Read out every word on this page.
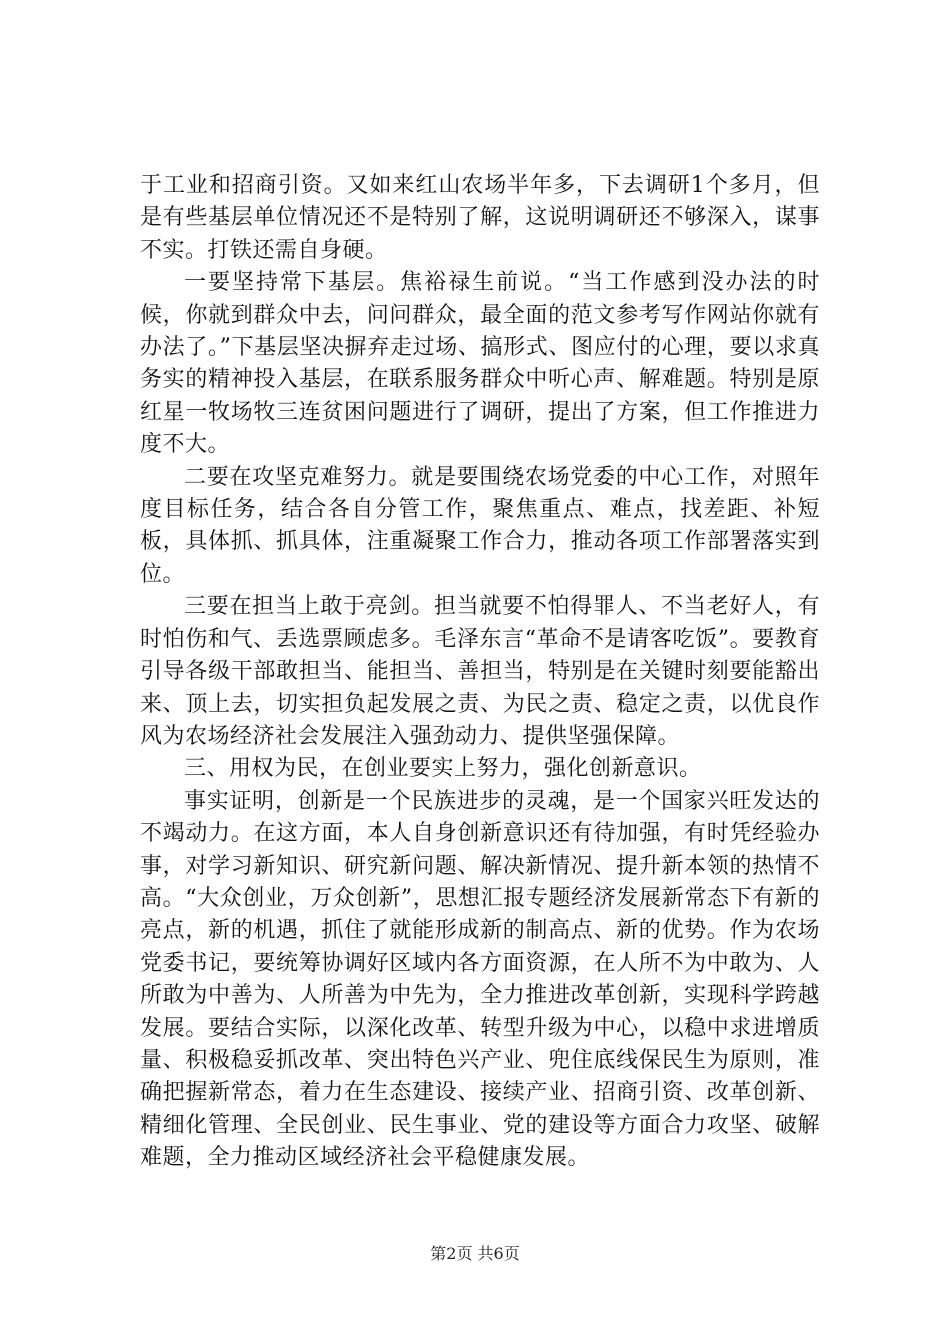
于工业和招商引资。又如来红山农场半年多，下去调研1个多月，但是有些基层单位情况还不是特别了解，这说明调研还不够深入，谋事不实。打铁还需自身硬。

一要坚持常下基层。焦裕禄生前说。“当工作感到没办法的时候，你就到群众中去，问问群众，最全面的范文参考写作网站你就有办法了。”下基层坚决摒弃走过场、搞形式、图应付的心理，要以求真务实的精神投入基层，在联系服务群众中听心声、解难题。特别是原红星一牧场牧三连贫困问题进行了调研，提出了方案，但工作推进力度不大。

二要在攻坚克难努力。就是要围绕农场党委的中心工作，对照年度目标任务，结合各自分管工作，聚焦重点、难点，找差距、补短板，具体抓、抓具体，注重凝聚工作合力，推动各项工作部署落实到位。

三要在担当上敢于亮剑。担当就要不怕得罪人、不当老好人，有时怕伤和气、丢选票顾虑多。毛泽东言“革命不是请客吃饭”。要教育引导各级干部敢担当、能担当、善担当，特别是在关键时刻要能豁出来、顶上去，切实担负起发展之责、为民之责、稳定之责，以优良作风为农场经济社会发展注入强劲动力、提供坚强保障。

三、用权为民，在创业要实上努力，强化创新意识。

事实证明，创新是一个民族进步的灵魂，是一个国家兴旺发达的不竭动力。在这方面，本人自身创新意识还有待加强，有时凭经验办事，对学习新知识、研究新问题、解决新情况、提升新本领的热情不高。“大众创业，万众创新”，思想汇报专题经济发展新常态下有新的亮点，新的机遇，抓住了就能形成新的制高点、新的优势。作为农场党委书记，要统筹协调好区域内各方面资源，在人所不为中敢为、人所敢为中善为、人所善为中先为，全力推进改革创新，实现科学跨越发展。要结合实际，以深化改革、转型升级为中心，以稳中求进增质量、积极稳妥抓改革、突出特色兴产业、兜住底线保民生为原则，准确把握新常态，着力在生态建设、接续产业、招商引资、改革创新、精细化管理、全民创业、民生事业、党的建设等方面合力攻坚、破解难题，全力推动区域经济社会平稳健康发展。

第2页 共6页
